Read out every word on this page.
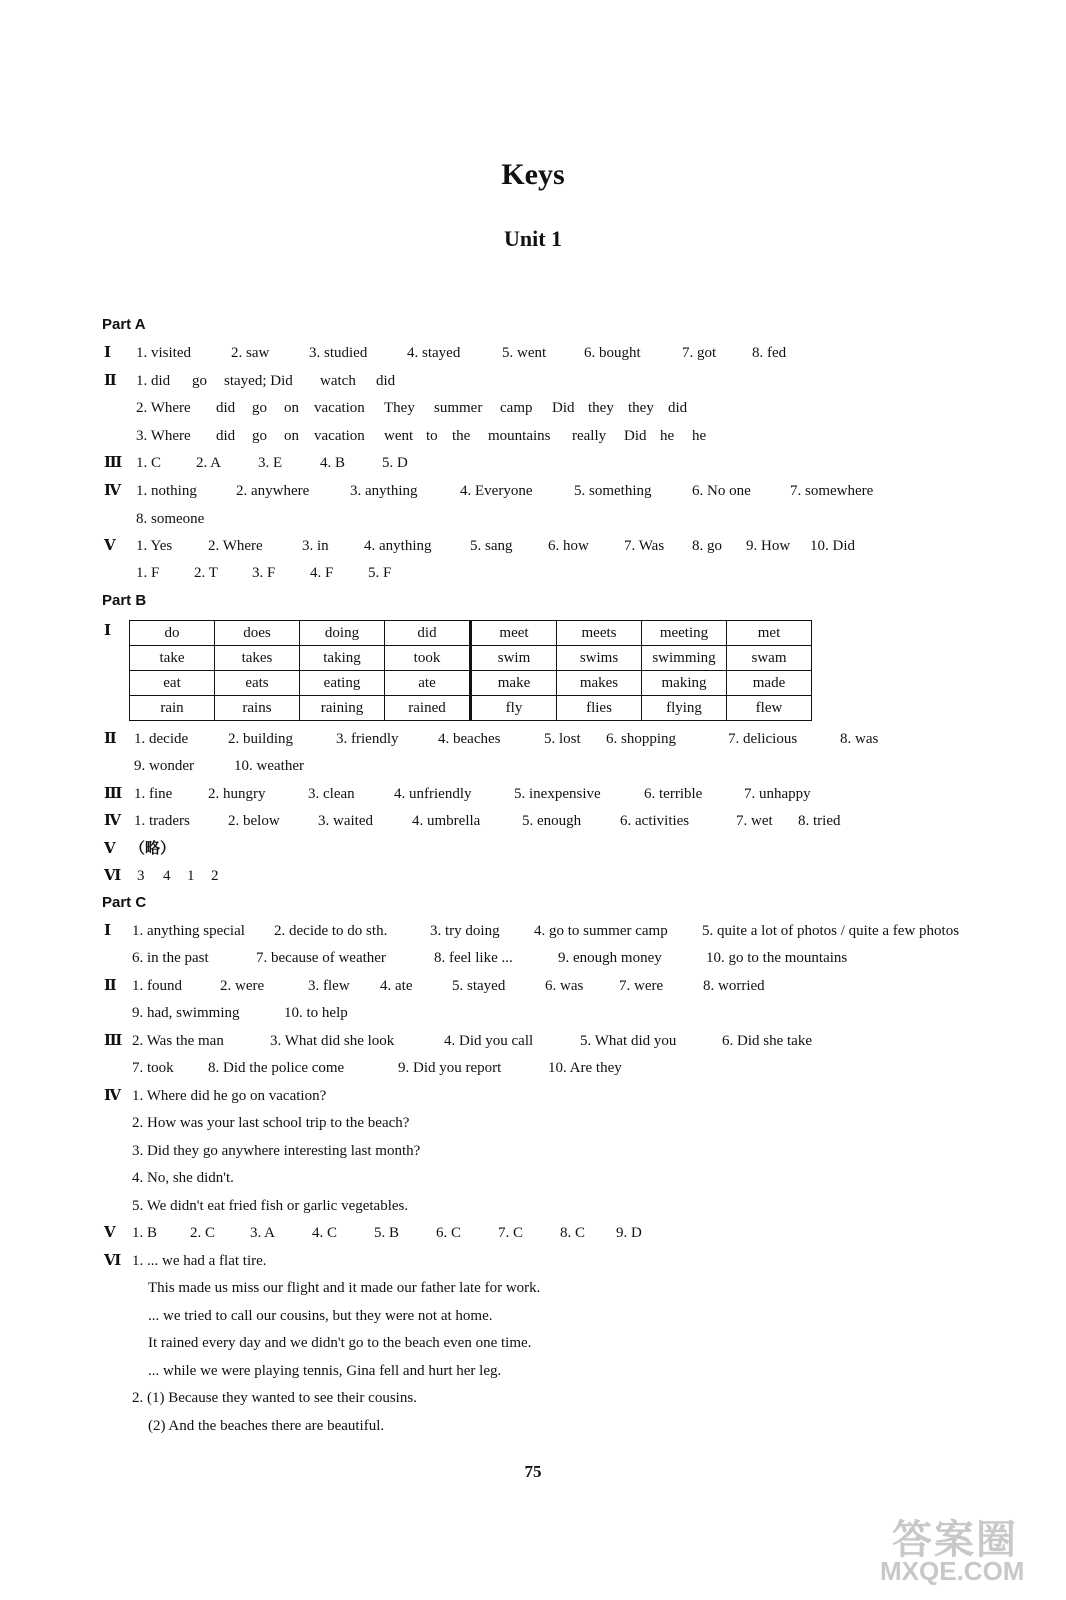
Keys
Unit 1
Part A
Ⅰ 1. visited	2. saw	3. studied	4. stayed	5. went	6. bought	7. got 8. fed
Ⅱ 1. did go stayed; Did watch did
2. Where did go on vacation They summer camp Did they they did
3. Where did go on vacation went to the mountains really Did he he
Ⅲ 1. C 2. A 3. E	4. B 5. D
Ⅳ 1. nothing	2. anywhere	3. anything	4. Everyone	5. something	6. No one	7. somewhere
8. someone
Ⅴ 1. Yes 2. Where	3. in 4. anything	5. sang 6. how 7. Was 8. go 9. How 10. Did
1. F 2. T 3. F 4. F 5. F
Part B
Ⅰ	do	does	doing	did	meet	meets	meeting	met
take	takes	taking	took	swim	swims	swimming	swam
eat	eats	eating	ate	make	makes	making	made
rain	rains	raining	rained	fly	flies	flying	flew
Ⅱ 1. decide	2. building	3. friendly	4. beaches	5. lost 6. shopping	7. delicious	8. was
9. wonder	10. weather
Ⅲ 1. fine 2. hungry	3. clean	4. unfriendly	5. inexpensive	6. terrible	7. unhappy
Ⅳ 1. traders	2. below	3. waited	4. umbrella	5. enough	6. activities	7. wet 8. tried
Ⅴ （略）
Ⅵ 3 4 1 2
Part C
Ⅰ 1. anything special 2. decide to do sth.	3. try doing 4. go to summer camp 5. quite a lot of photos / quite a few photos
6. in the past	7. because of weather	8. feel like ...	9. enough money	10. go to the mountains
Ⅱ 1. found	2. were	3. flew 4. ate	5. stayed	6. was 7. were	8. worried
9. had, swimming	10. to help
Ⅲ 2. Was the man	3. What did she look	4. Did you call	5. What did you	6. Did she take
7. took 8. Did the police come	9. Did you report	10. Are they
Ⅳ 1. Where did he go on vacation?
2. How was your last school trip to the beach?
3. Did they go anywhere interesting last month?
4. No, she didn't.
5. We didn't eat fried fish or garlic vegetables.
Ⅴ 1. B 2. C 3. A 4. C 5. B 6. C 7. C 8. C 9. D
Ⅵ 1. ... we had a flat tire.
This made us miss our flight and it made our father late for work.
... we tried to call our cousins, but they were not at home.
It rained every day and we didn't go to the beach even one time.
... while we were playing tennis, Gina fell and hurt her leg.
2. (1) Because they wanted to see their cousins.
(2) And the beaches there are beautiful.
75
答案圈
MXQE.COM
